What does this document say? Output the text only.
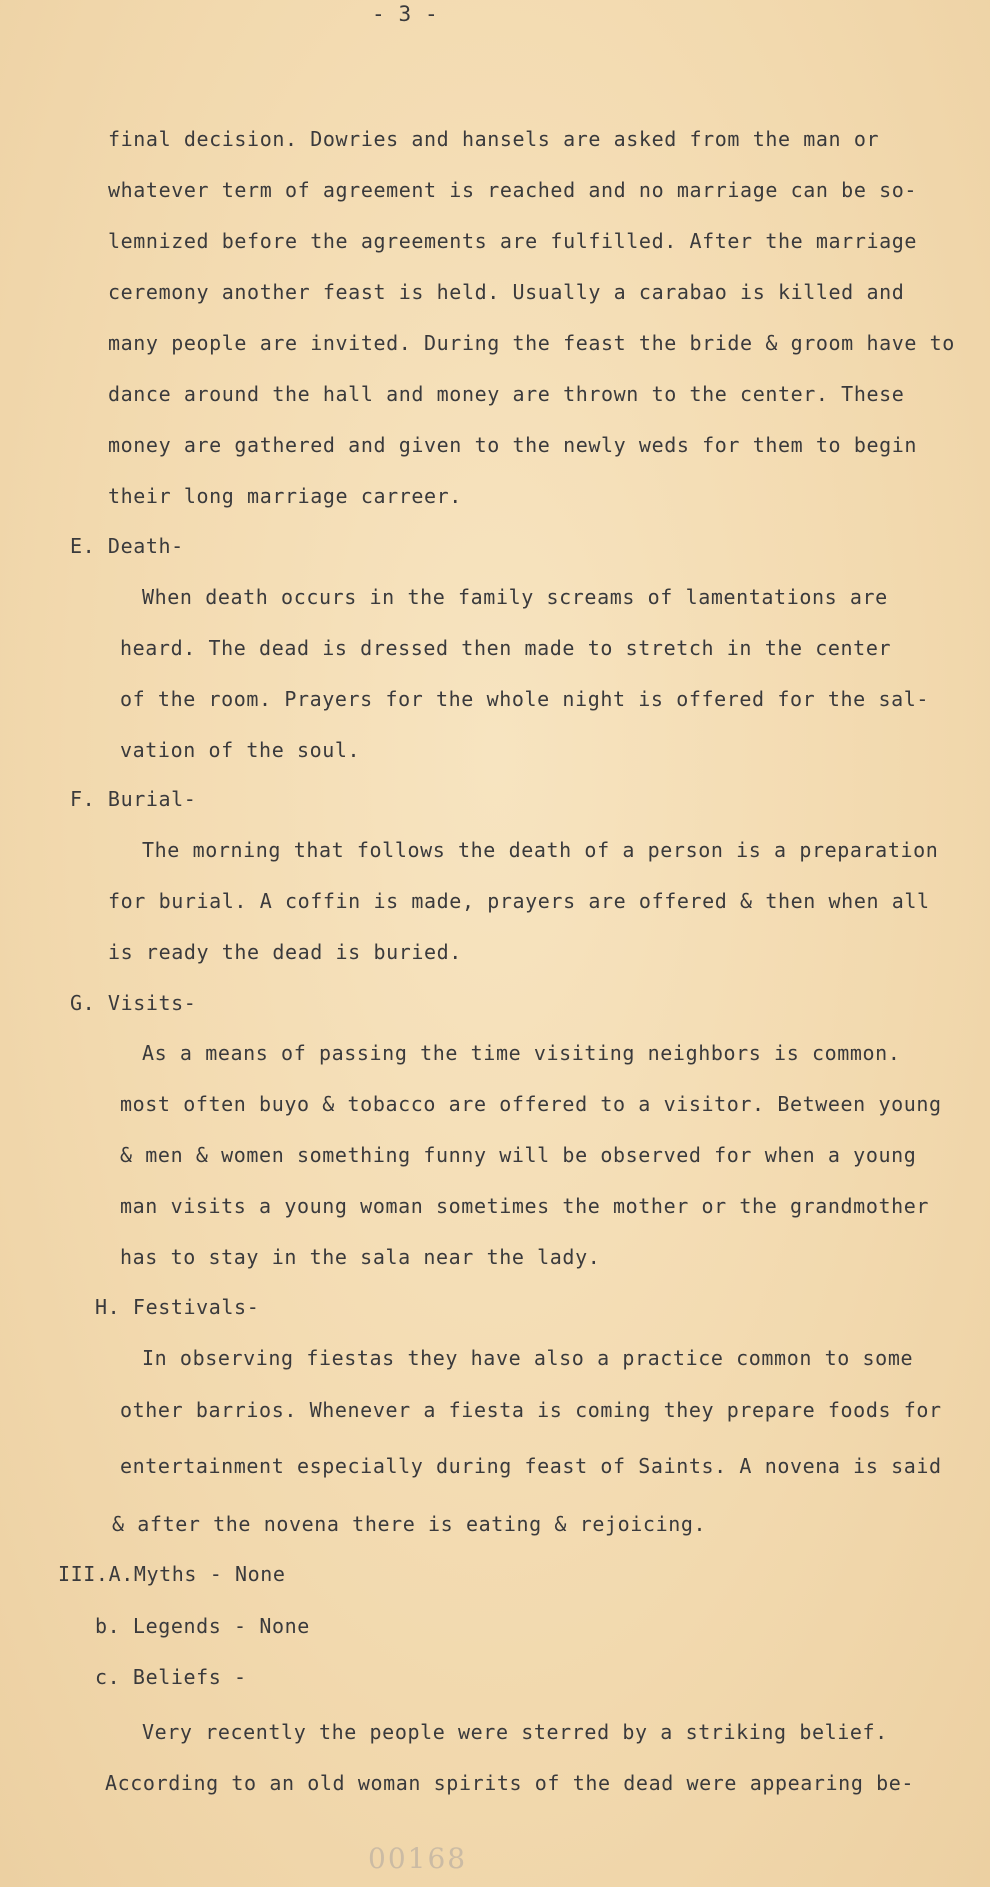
- 3 -
final decision. Dowries and hansels are asked from the man or
whatever term of agreement is reached and no marriage can be so-
lemnized before the agreements are fulfilled. After the marriage
ceremony another feast is held. Usually a carabao is killed and
many people are invited. During the feast the bride & groom have to
dance around the hall and money are thrown to the center. These
money are gathered and given to the newly weds for them to begin
their long marriage carreer.
E. Death-
When death occurs in the family screams of lamentations are
heard. The dead is dressed then made to stretch in the center
of the room. Prayers for the whole night is offered for the sal-
vation of the soul.
F. Burial-
The morning that follows the death of a person is a preparation
for burial. A coffin is made, prayers are offered & then when all
is ready the dead is buried.
G. Visits-
As a means of passing the time visiting neighbors is common.
most often buyo & tobacco are offered to a visitor. Between young
& men & women something funny will be observed for when a young
man visits a young woman sometimes the mother or the grandmother
has to stay in the sala near the lady.
H. Festivals-
In observing fiestas they have also a practice common to some
other barrios. Whenever a fiesta is coming they prepare foods for
entertainment especially during feast of Saints. A novena is said
& after the novena there is eating & rejoicing.
III.A.Myths - None
b. Legends - None
c. Beliefs -
Very recently the people were sterred by a striking belief.
According to an old woman spirits of the dead were appearing be-
00168
